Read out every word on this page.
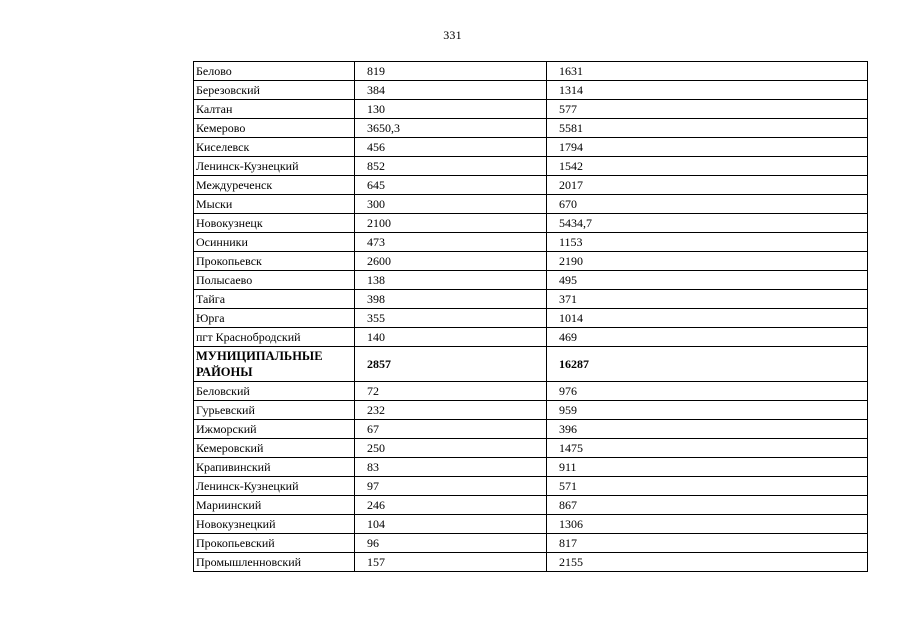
331
Белово	819	1631
Березовский	384	1314
Калтан	130	577
Кемерово	3650,3	5581
Киселевск	456	1794
Ленинск-Кузнецкий	852	1542
Междуреченск	645	2017
Мыски	300	670
Новокузнецк	2100	5434,7
Осинники	473	1153
Прокопьевск	2600	2190
Полысаево	138	495
Тайга	398	371
Юрга	355	1014
пгт Краснобродский	140	469
МУНИЦИПАЛЬНЫЕ РАЙОНЫ	2857	16287
Беловский	72	976
Гурьевский	232	959
Ижморский	67	396
Кемеровский	250	1475
Крапивинский	83	911
Ленинск-Кузнецкий	97	571
Мариинский	246	867
Новокузнецкий	104	1306
Прокопьевский	96	817
Промышленновский	157	2155
